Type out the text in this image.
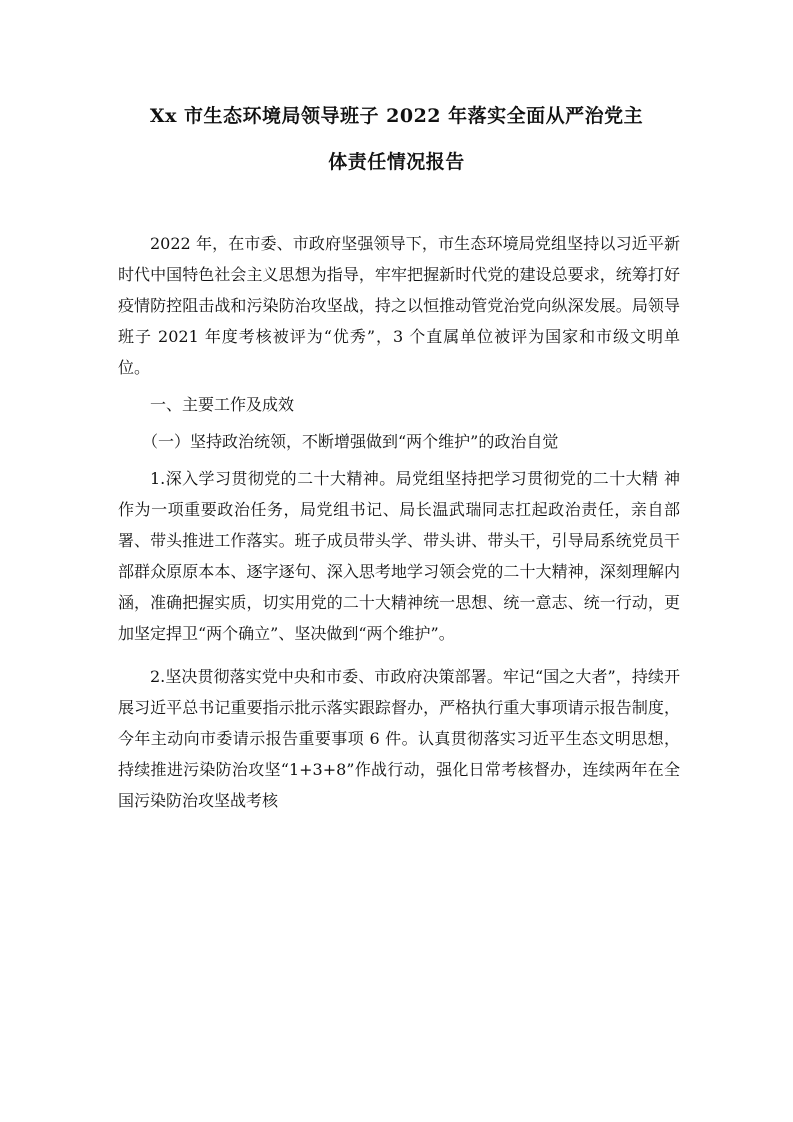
Xx 市生态环境局领导班子 2022 年落实全面从严治党主
体责任情况报告

2022 年，在市委、市政府坚强领导下，市生态环境局党组坚持以习近平新时代中国特色社会主义思想为指导，牢牢把握新时代党的建设总要求，统筹打好疫情防控阻击战和污染防治攻坚战，持之以恒推动管党治党向纵深发展。局领导班子 2021 年度考核被评为“优秀”，3 个直属单位被评为国家和市级文明单位。

一、主要工作及成效

（一）坚持政治统领，不断增强做到“两个维护”的政治自觉

1.深入学习贯彻党的二十大精神。局党组坚持把学习贯彻党的二十大精 神作为一项重要政治任务，局党组书记、局长温武瑞同志扛起政治责任，亲自部署、带头推进工作落实。班子成员带头学、带头讲、带头干，引导局系统党员干部群众原原本本、逐字逐句、深入思考地学习领会党的二十大精神，深刻理解内涵，准确把握实质，切实用党的二十大精神统一思想、统一意志、统一行动，更加坚定捍卫“两个确立”、坚决做到“两个维护”。

2.坚决贯彻落实党中央和市委、市政府决策部署。牢记“国之大者”，持续开展习近平总书记重要指示批示落实跟踪督办，严格执行重大事项请示报告制度，今年主动向市委请示报告重要事项 6 件。认真贯彻落实习近平生态文明思想，持续推进污染防治攻坚“1+3+8”作战行动，强化日常考核督办，连续两年在全国污染防治攻坚战考核
